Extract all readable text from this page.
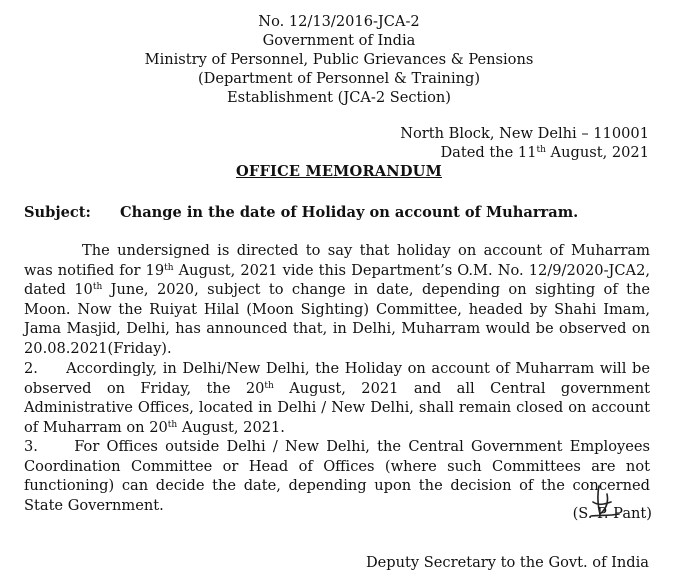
No. 12/13/2016-JCA-2
Government of India
Ministry of Personnel, Public Grievances & Pensions
(Department of Personnel & Training)
Establishment (JCA-2 Section)
North Block, New Delhi – 110001
Dated the 11th August, 2021
OFFICE MEMORANDUM
Subject: Change in the date of Holiday on account of Muharram.

The undersigned is directed to say that holiday on account of Muharram was notified for 19th August, 2021 vide this Department’s O.M. No. 12/9/2020-JCA2, dated 10th June, 2020, subject to change in date, depending on sighting of the Moon. Now the Ruiyat Hilal (Moon Sighting) Committee, headed by Shahi Imam, Jama Masjid, Delhi, has announced that, in Delhi, Muharram would be observed on 20.08.2021(Friday).

2.     Accordingly, in Delhi/New Delhi, the Holiday on account of Muharram will be observed on Friday, the 20th August, 2021 and all Central government Administrative Offices, located in Delhi / New Delhi, shall remain closed on account of Muharram on 20th August, 2021.

3.     For Offices outside Delhi / New Delhi, the Central Government Employees Coordination Committee or Head of Offices (where such Committees are not functioning) can decide the date, depending upon the decision of the concerned State Government.	(S. P. Pant)
Deputy Secretary to the Govt. of India
